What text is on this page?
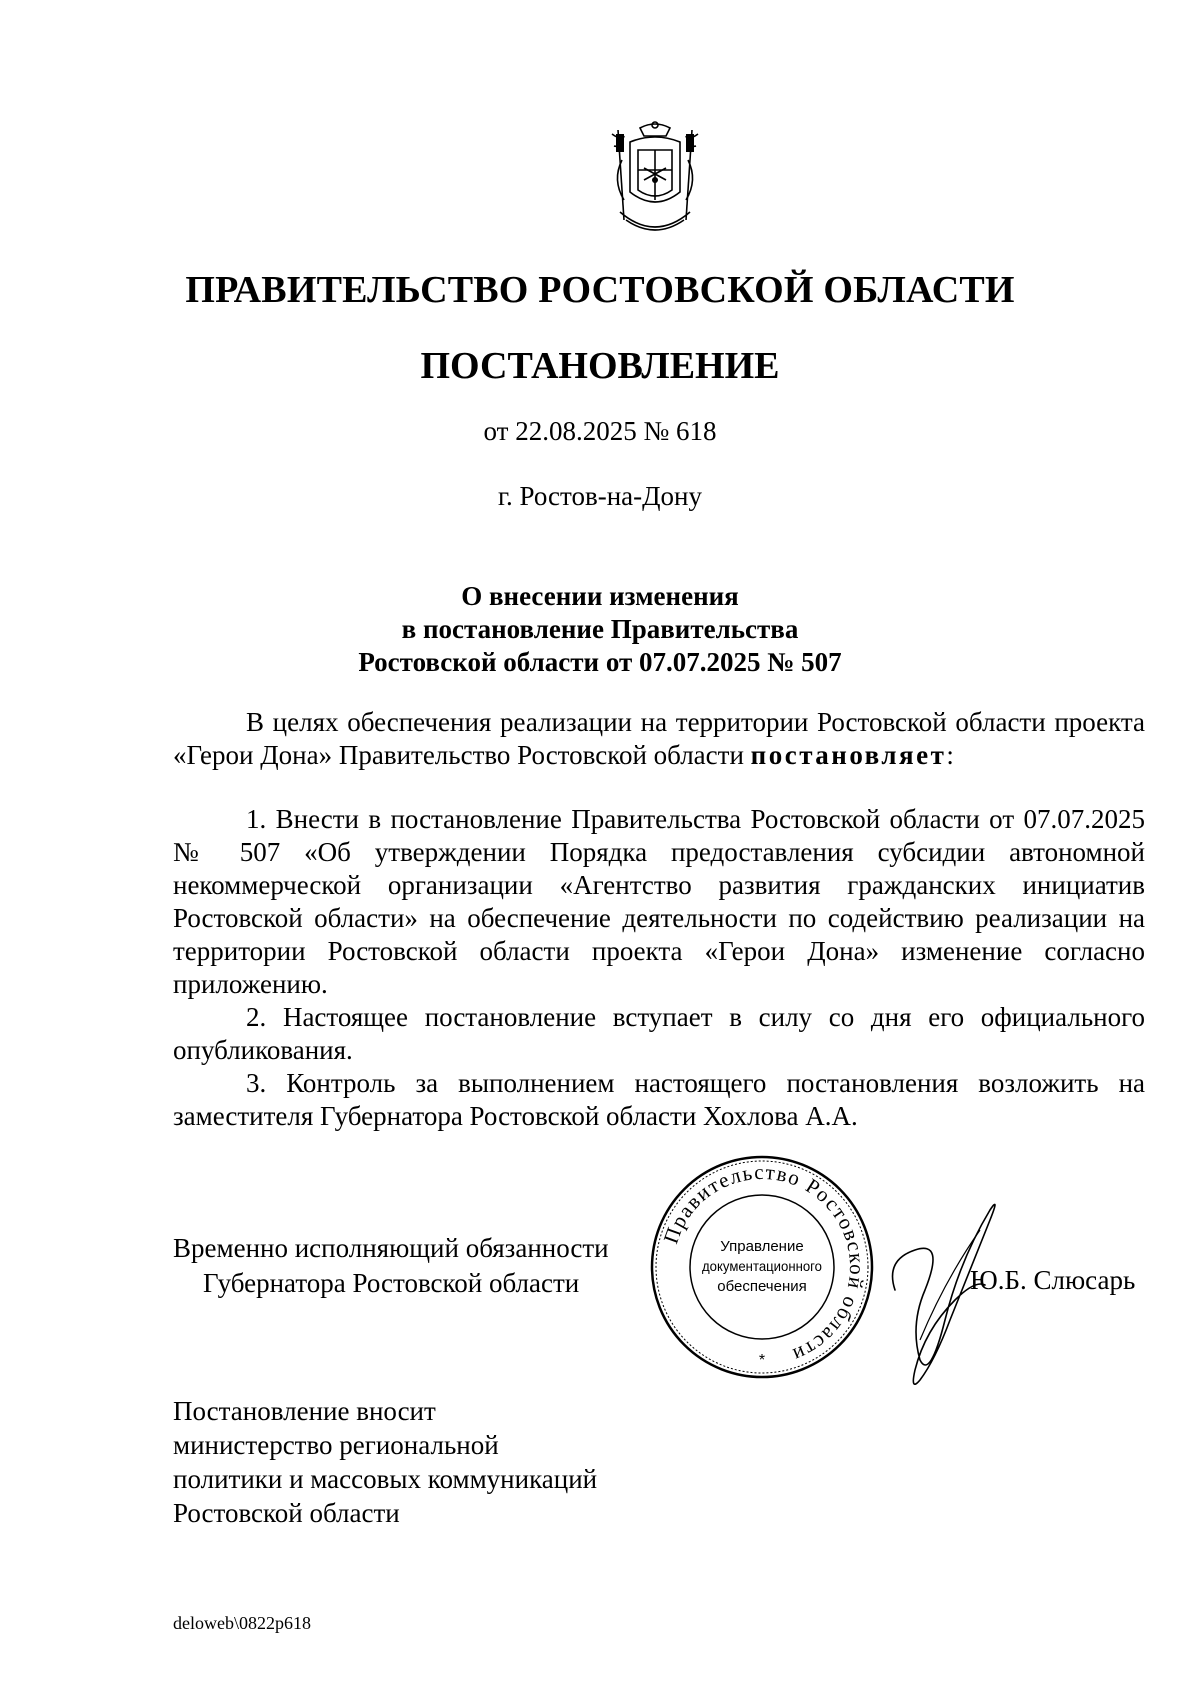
ПРАВИТЕЛЬСТВО РОСТОВСКОЙ ОБЛАСТИ
ПОСТАНОВЛЕНИЕ
от 22.08.2025 № 618
г. Ростов-на-Дону
О внесении изменения
в постановление Правительства
Ростовской области от 07.07.2025 № 507

В целях обеспечения реализации на территории Ростовской области проекта «Герои Дона» Правительство Ростовской области постановляет:

1. Внести в постановление Правительства Ростовской области от 07.07.2025 № 507 «Об утверждении Порядка предоставления субсидии автономной некоммерческой организации «Агентство развития гражданских инициатив Ростовской области» на обеспечение деятельности по содействию реализации на территории Ростовской области проекта «Герои Дона» изменение согласно приложению.

2. Настоящее постановление вступает в силу со дня его официального опубликования.

3. Контроль за выполнением настоящего постановления возложить на заместителя Губернатора Ростовской области Хохлова А.А.

Временно исполняющий обязанности
Губернатора Ростовской области
Правительство Ростовской области
Управление
документационного
обеспечения
*
Ю.Б. Слюсарь
Постановление вносит
министерство региональной
политики и массовых коммуникаций
Ростовской области
deloweb\0822p618
